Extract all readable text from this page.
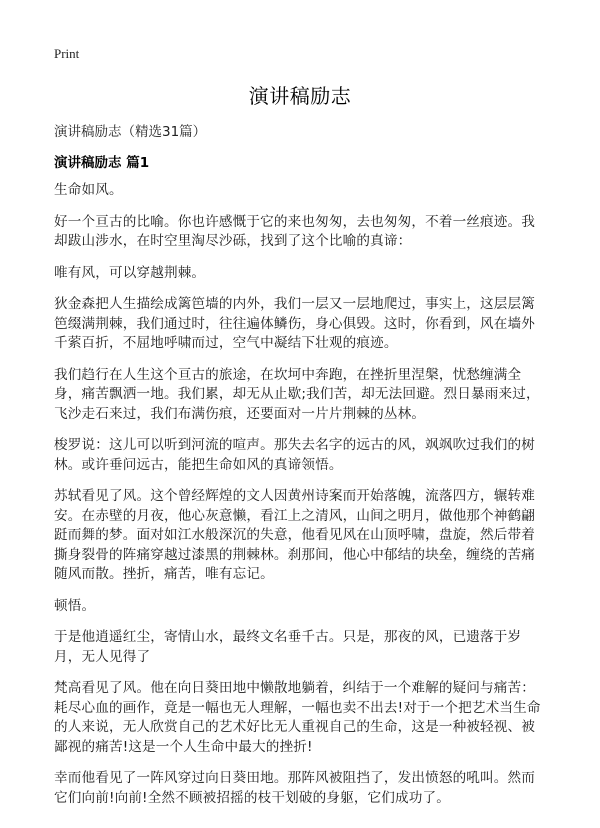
Print
演讲稿励志
演讲稿励志（精选31篇）
演讲稿励志 篇1

生命如风。

好一个亘古的比喻。你也许感慨于它的来也匆匆，去也匆匆，不着一丝痕迹。我却跋山涉水，在时空里淘尽沙砾，找到了这个比喻的真谛：

唯有风，可以穿越荆棘。

狄金森把人生描绘成篱笆墙的内外，我们一层又一层地爬过，事实上，这层层篱笆缀满荆棘，我们通过时，往往遍体鳞伤，身心俱毁。这时，你看到，风在墙外千萦百折，不屈地呼啸而过，空气中凝结下壮观的痕迹。

我们趋行在人生这个亘古的旅途，在坎坷中奔跑，在挫折里涅槃，忧愁缠满全身，痛苦飘洒一地。我们累，却无从止歇;我们苦，却无法回避。烈日暴雨来过，飞沙走石来过，我们布满伤痕，还要面对一片片荆棘的丛林。

梭罗说：这儿可以听到河流的喧声。那失去名字的远古的风，飒飒吹过我们的树林。或许垂问远古，能把生命如风的真谛领悟。

苏轼看见了风。这个曾经辉煌的文人因黄州诗案而开始落魄，流落四方，辗转难安。在赤壁的月夜，他心灰意懒，看江上之清风，山间之明月，做他那个神鹤翩跹而舞的梦。面对如江水般深沉的失意，他看见风在山顶呼啸，盘旋，然后带着撕身裂骨的阵痛穿越过漆黑的荆棘林。刹那间，他心中郁结的块垒，缠绕的苦痛随风而散。挫折，痛苦，唯有忘记。

顿悟。

于是他逍遥红尘，寄情山水，最终文名垂千古。只是，那夜的风，已遗落于岁月，无人见得了

梵高看见了风。他在向日葵田地中懒散地躺着，纠结于一个难解的疑问与痛苦：耗尽心血的画作，竟是一幅也无人理解，一幅也卖不出去!对于一个把艺术当生命的人来说，无人欣赏自己的艺术好比无人重视自己的生命，这是一种被轻视、被鄙视的痛苦!这是一个人生命中最大的挫折!

幸而他看见了一阵风穿过向日葵田地。那阵风被阻挡了，发出愤怒的吼叫。然而它们向前!向前!全然不顾被招摇的枝干划破的身躯，它们成功了。
